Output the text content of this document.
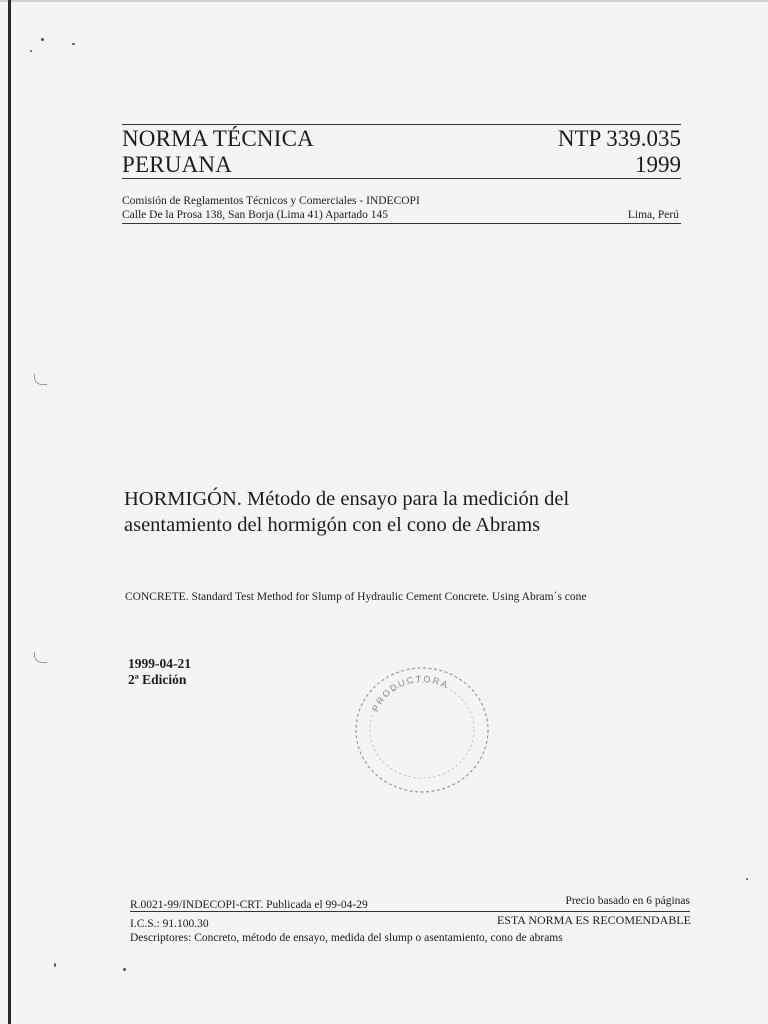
NORMA TÉCNICA
PERUANA
NTP 339.035
1999
Comisión de Reglamentos Técnicos y Comerciales - INDECOPI
Calle De la Prosa 138, San Borja (Lima 41) Apartado 145	Lima, Perú
HORMIGÓN. Método de ensayo para la medición del
asentamiento del hormigón con el cono de Abrams
CONCRETE. Standard Test Method for Slump of Hydraulic Cement Concrete. Using Abram´s cone
1999-04-21
2ª Edición
PRODUCTORA
R.0021-99/INDECOPI-CRT. Publicada el 99-04-29	Precio basado en 6 páginas
I.C.S.: 91.100.30	ESTA NORMA ES RECOMENDABLE
Descriptores: Concreto, método de ensayo, medida del slump o asentamiento, cono de abrams
